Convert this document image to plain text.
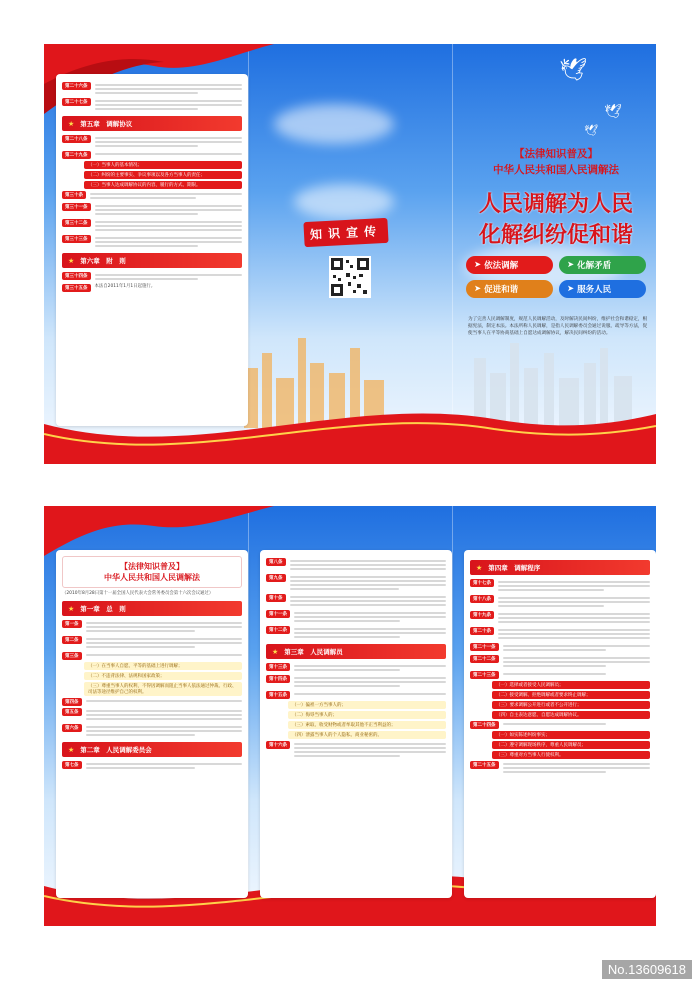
第二十六条
第二十七条
★ 第五章　调解协议
第二十八条
第二十九条
（一）当事人的基本情况；
（二）纠纷的主要事实、争议事项以及各方当事人的责任；
（三）当事人达成调解协议的内容，履行的方式、期限。
第三十条
第三十一条
第三十二条
第三十三条
★ 第六章　附　则
第三十四条
第三十五条	本法自2011年1月1日起施行。
知识宣传
🕊
🕊
🕊
【法律知识普及】
中华人民共和国人民调解法
人民调解为人民
化解纠纷促和谐
➤ 依法调解	➤ 化解矛盾
➤ 促进和谐	➤ 服务人民
为了完善人民调解制度，规范人民调解活动，及时解决民间纠纷，维护社会和谐稳定，根据宪法，制定本法。本法所称人民调解，是指人民调解委员会通过说服、疏导等方法，促使当事人在平等协商基础上自愿达成调解协议，解决民间纠纷的活动。
【法律知识普及】
中华人民共和国人民调解法
（2010年8月28日第十一届全国人民代表大会常务委员会第十六次会议通过）
★ 第一章　总　则
第一条
第二条
第三条
（一）在当事人自愿、平等的基础上进行调解；
（二）不违背法律、法规和国家政策；
（三）尊重当事人的权利，不得因调解而阻止当事人依法通过仲裁、行政、司法等途径维护自己的权利。
第四条
第五条
第六条
★ 第二章　人民调解委员会
第七条
第八条
第九条
第十条
第十一条
第十二条
★ 第三章　人民调解员
第十三条
第十四条
第十五条
（一）偏袒一方当事人的；
（二）侮辱当事人的；
（三）索取、收受财物或者牟取其他不正当利益的；
（四）泄露当事人的个人隐私、商业秘密的。
第十六条
★ 第四章　调解程序
第十七条
第十八条
第十九条
第二十条
第二十一条
第二十二条
第二十三条
（一）选择或者接受人民调解员；
（二）接受调解、拒绝调解或者要求终止调解；
（三）要求调解公开进行或者不公开进行；
（四）自主表达意愿、自愿达成调解协议。
第二十四条
（一）如实陈述纠纷事实；
（二）遵守调解现场秩序，尊重人民调解员；
（三）尊重对方当事人行使权利。
第二十五条
No.13609618
